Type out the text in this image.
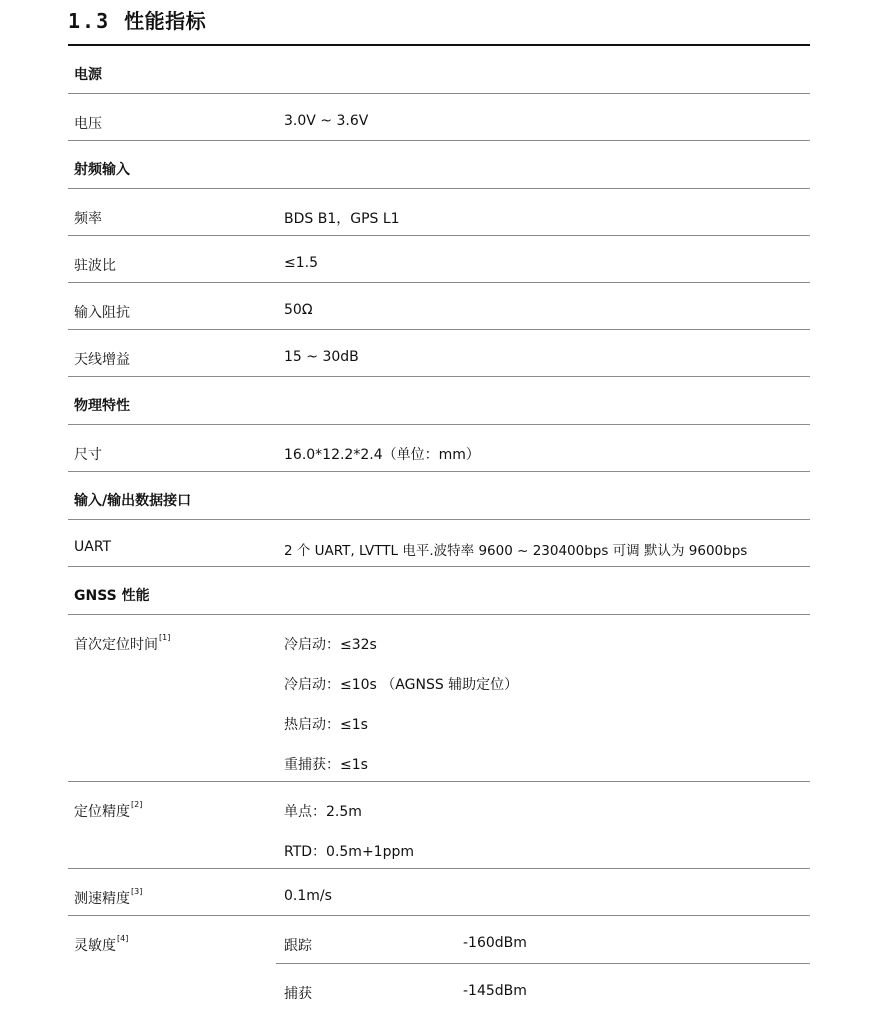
1.3 性能指标
电源
电压	3.0V ~ 3.6V
射频输入
频率	BDS B1，GPS L1
驻波比	≤1.5
输入阻抗	50Ω
天线增益	15 ~ 30dB
物理特性
尺寸	16.0*12.2*2.4（单位：mm）
输入/输出数据接口
UART	2 个 UART, LVTTL 电平.波特率 9600 ~ 230400bps 可调 默认为 9600bps
GNSS 性能
首次定位时间[1]	冷启动：≤32s
冷启动：≤10s （AGNSS 辅助定位）
热启动：≤1s
重捕获：≤1s
定位精度[2]	单点：2.5m
RTD：0.5m+1ppm
测速精度[3]	0.1m/s
灵敏度[4]	跟踪	-160dBm
捕获	-145dBm
